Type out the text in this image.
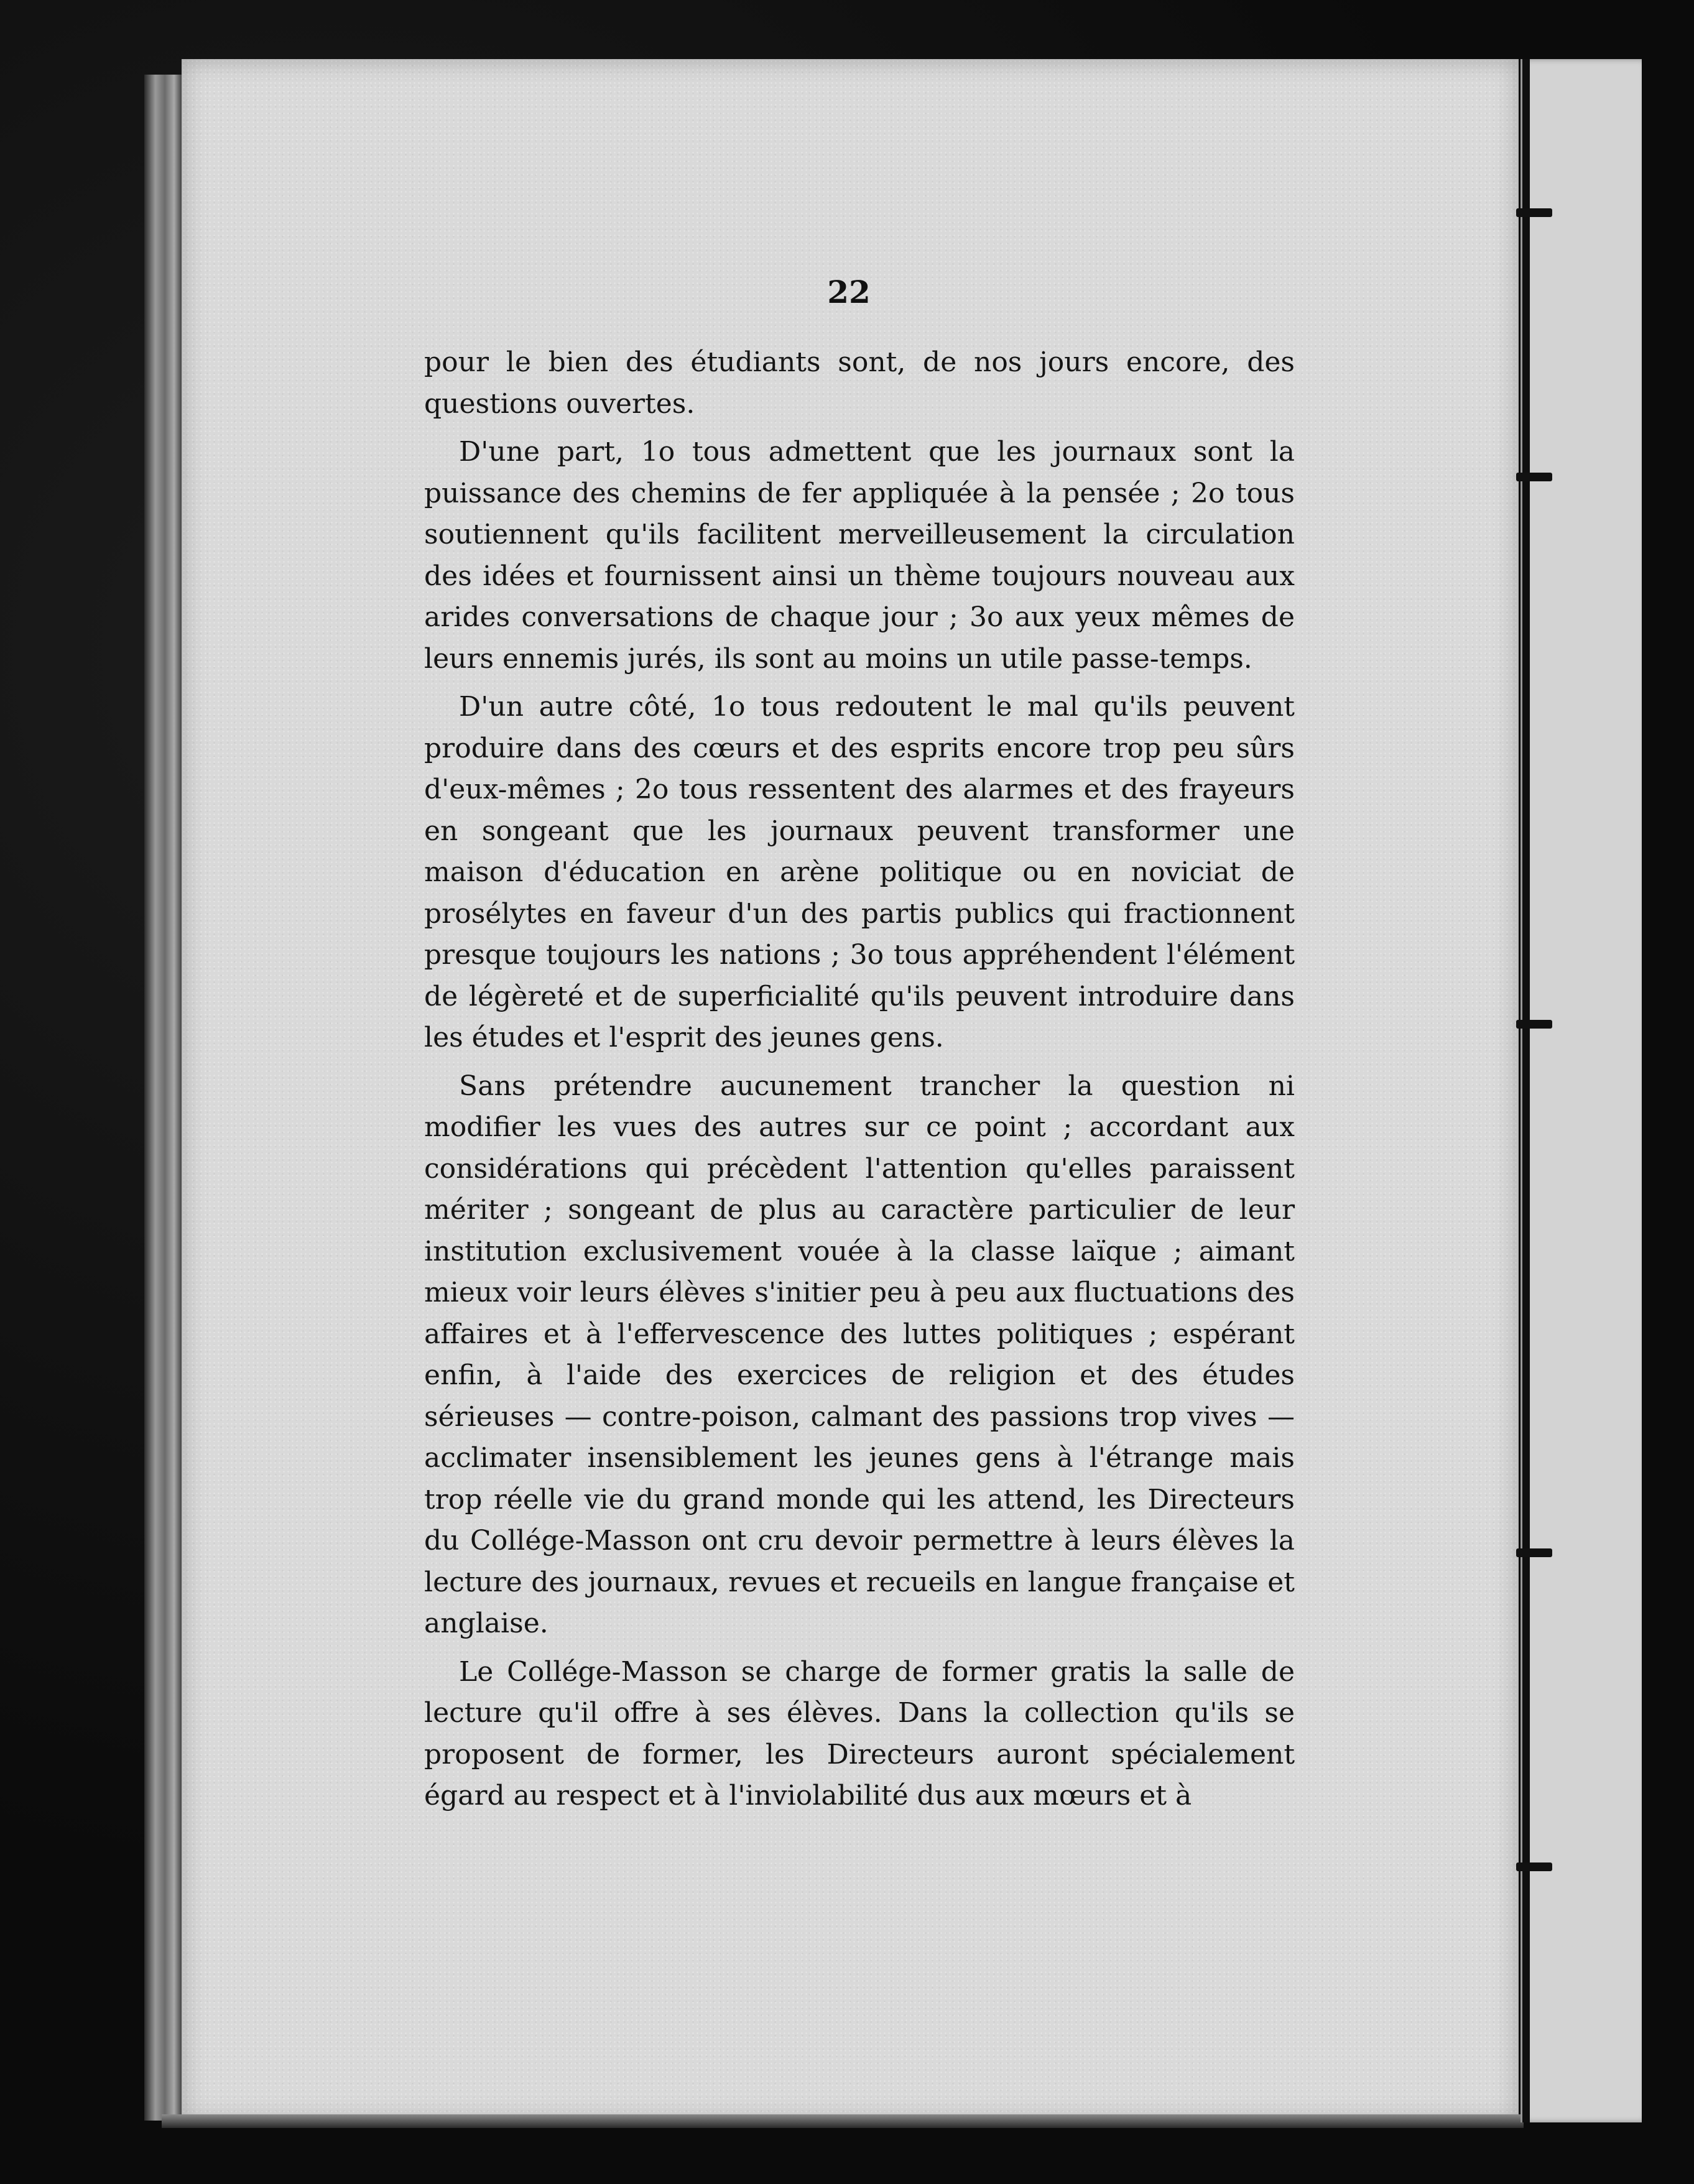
22

pour le bien des étudiants sont, de nos jours encore, des questions ouvertes.

D'une part, 1o tous admettent que les journaux sont la puissance des chemins de fer appliquée à la pensée ; 2o tous soutiennent qu'ils facilitent merveilleusement la circulation des idées et fournissent ainsi un thème toujours nouveau aux arides conversations de chaque jour ; 3o aux yeux mêmes de leurs ennemis jurés, ils sont au moins un utile passe-temps.

D'un autre côté, 1o tous redoutent le mal qu'ils peuvent produire dans des cœurs et des esprits encore trop peu sûrs d'eux-mêmes ; 2o tous ressentent des alarmes et des frayeurs en songeant que les journaux peuvent transformer une maison d'éducation en arène politique ou en noviciat de prosélytes en faveur d'un des partis publics qui fractionnent presque toujours les nations ; 3o tous appréhendent l'élément de légèreté et de superficialité qu'ils peuvent introduire dans les études et l'esprit des jeunes gens.

Sans prétendre aucunement trancher la question ni modifier les vues des autres sur ce point ; accordant aux considérations qui précèdent l'attention qu'elles paraissent mériter ; songeant de plus au caractère particulier de leur institution exclusivement vouée à la classe laïque ; aimant mieux voir leurs élèves s'initier peu à peu aux fluctuations des affaires et à l'effervescence des luttes politiques ; espérant enfin, à l'aide des exercices de religion et des études sérieuses — contre-poison, calmant des passions trop vives — acclimater insensiblement les jeunes gens à l'étrange mais trop réelle vie du grand monde qui les attend, les Directeurs du Collége-Masson ont cru devoir permettre à leurs élèves la lecture des journaux, revues et recueils en langue française et anglaise.

Le Collége-Masson se charge de former gratis la salle de lecture qu'il offre à ses élèves. Dans la collection qu'ils se proposent de former, les Directeurs auront spécialement égard au respect et à l'inviolabilité dus aux mœurs et à
